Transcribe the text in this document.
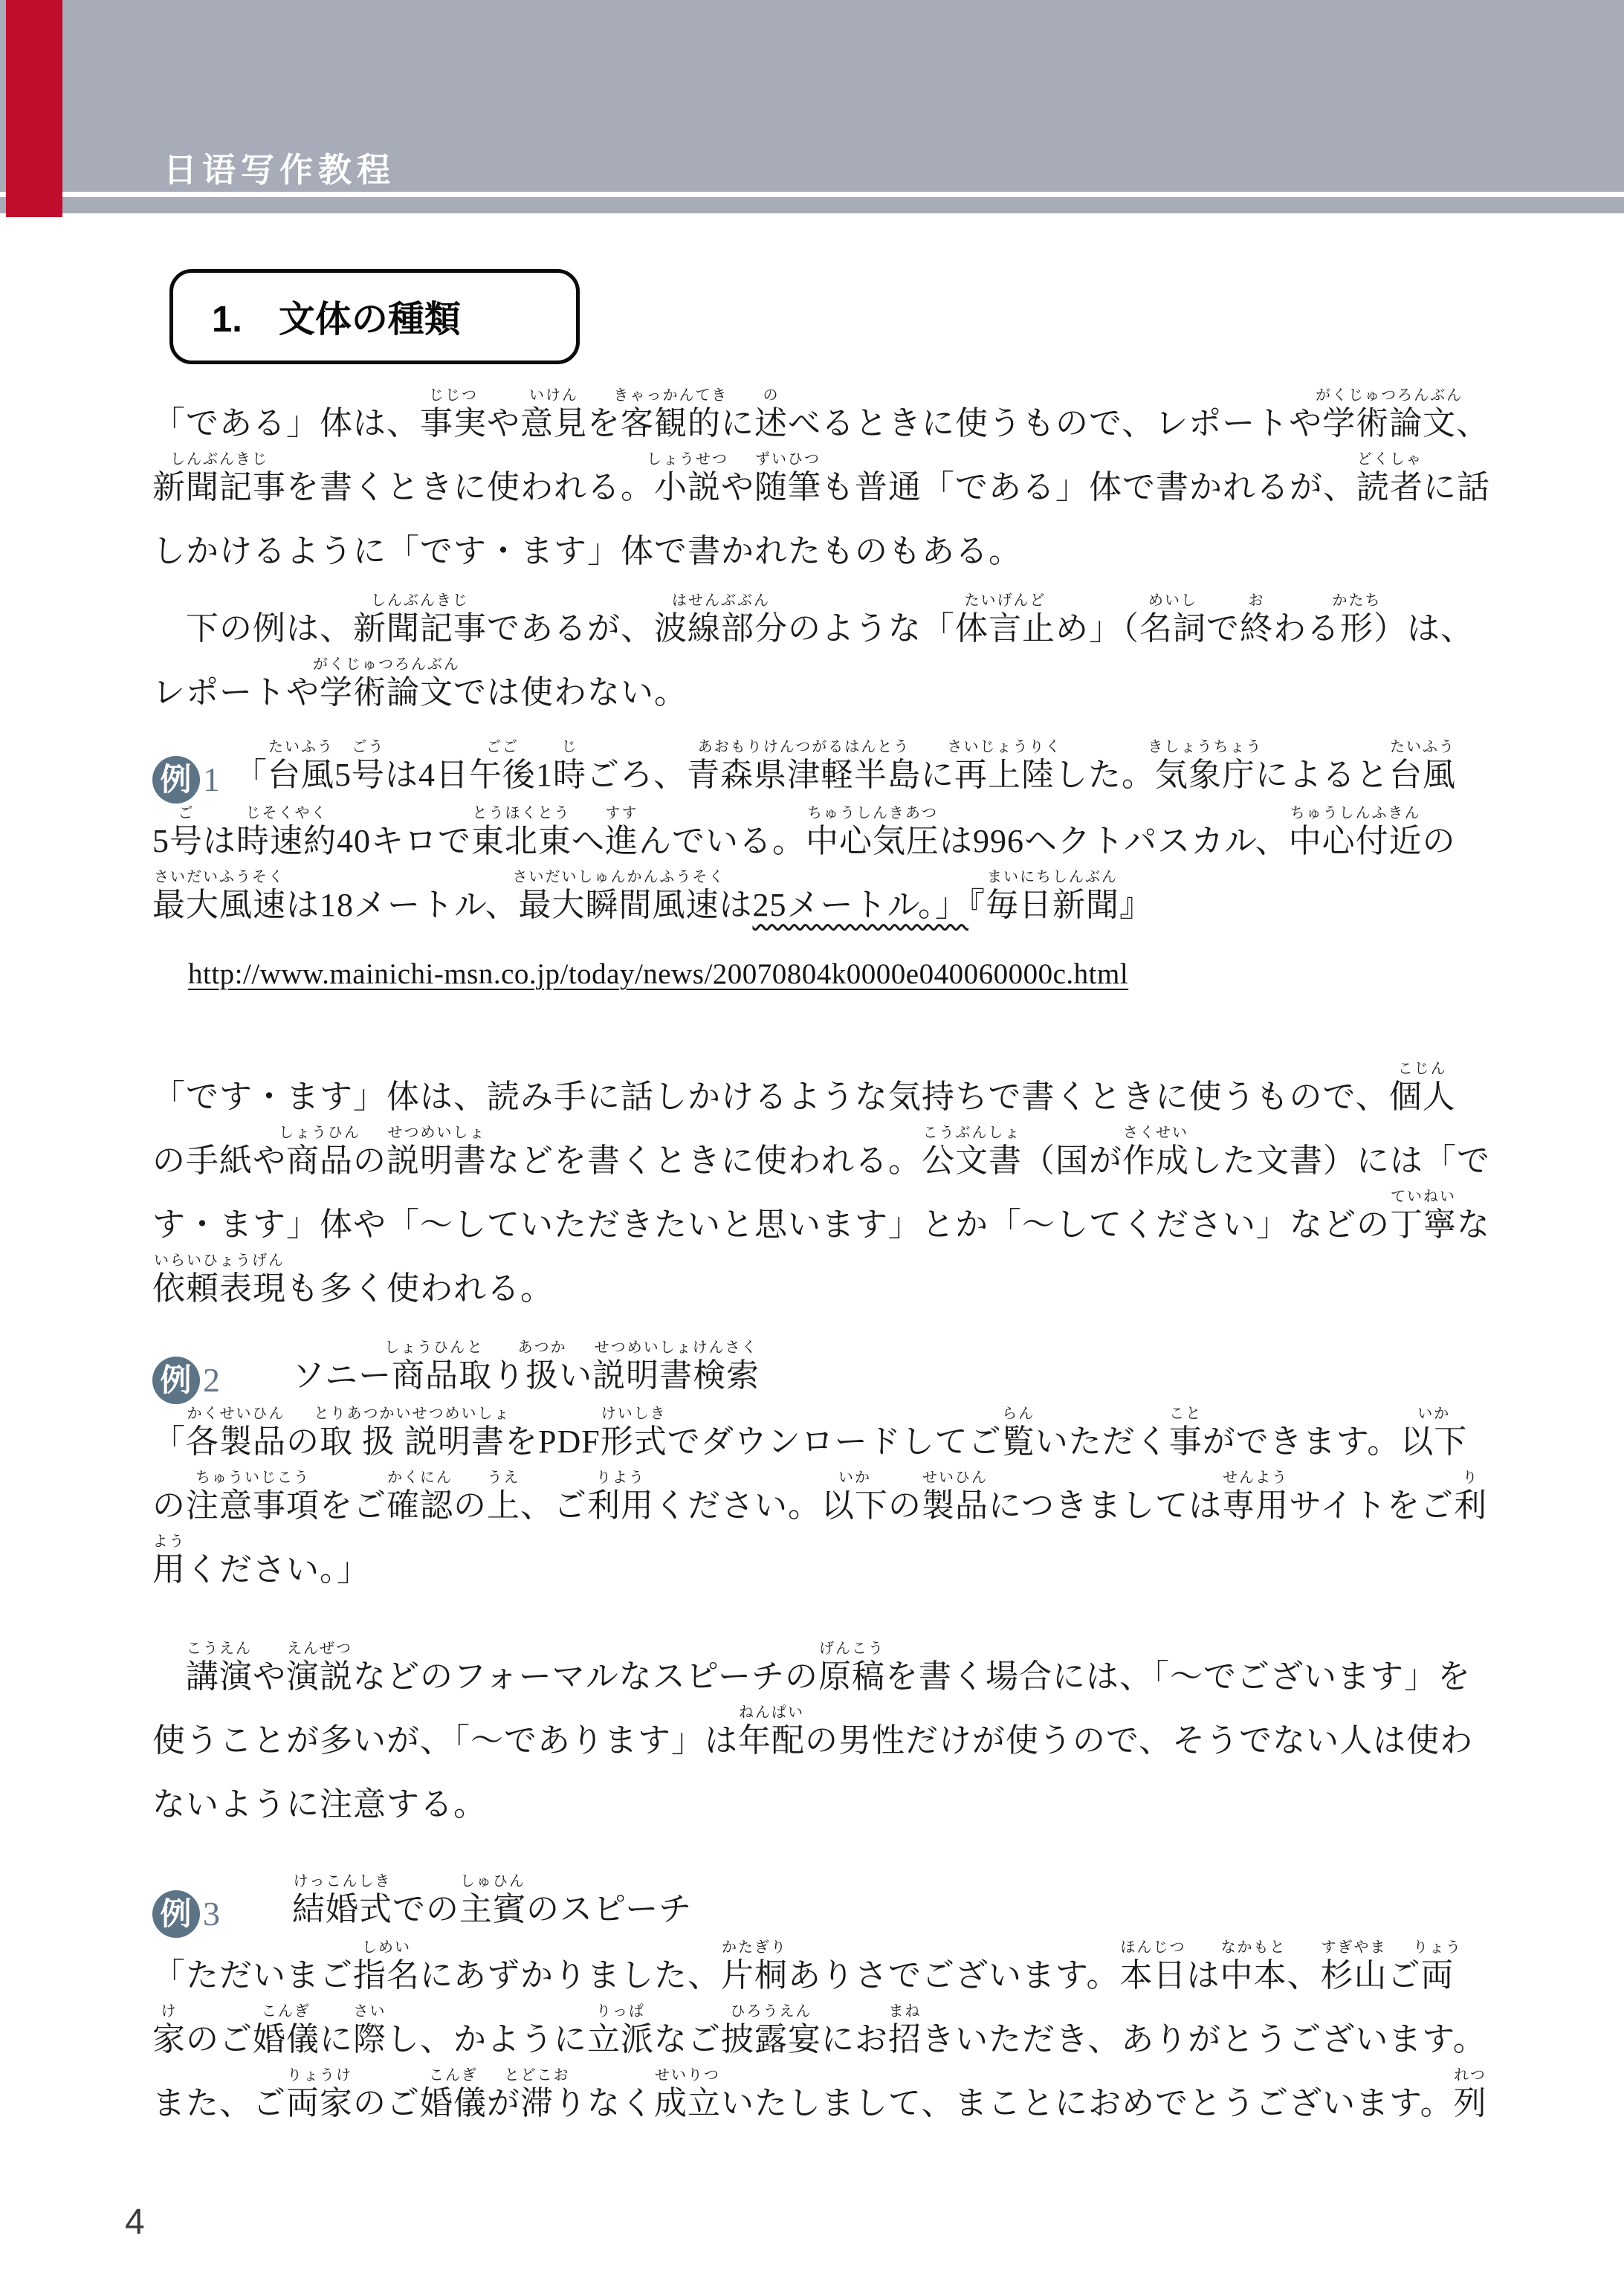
日语写作教程
1.　文体の種類
「である」体は、事実
じじつ
や意見
いけん
を客観的
きゃっかんてき
に述
の
べるときに使うもので、レポートや学術論文
がくじゅつろんぶん
、
新聞記事
しんぶんきじ
を書くときに使われる。小説
しょうせつ
や随筆
ずいひつ
も普通「である」体で書かれるが、読者
どくしゃ
に話
しかけるように「です・ます」体で書かれたものもある。
　下の例は、新聞記事
しんぶんきじ
であるが、波線部分
はせんぶぶん
のような「体言止
たいげんど
め」（名詞
めいし
で終
お
わる形
かたち
）は、
レポートや学術論文
がくじゅつろんぶん
では使わない。
例 1 「台風
たいふう
5号
ごう
は4日午後
ごご
1時
じ
ごろ、青森県津軽半島
あおもりけんつがるはんとう
に再上陸
さいじょうりく
した。気象庁
きしょうちょう
によると台風
たいふう
5号
ご
は時速約
じそくやく
40キロで東北東
とうほくとう
へ進
すす
んでいる。中心気圧
ちゅうしんきあつ
は996ヘクトパスカル、中心付近
ちゅうしんふきん
の
最大風速
さいだいふうそく
は18メートル、最大瞬間風速
さいだいしゅんかんふうそく
は25メートル。」『毎日新聞
まいにちしんぶん
』
http://www.mainichi-msn.co.jp/today/news/20070804k0000e040060000c.html
「です・ます」体は、読み手に話しかけるような気持ちで書くときに使うもので、個人
こじん
の手紙や商品
しょうひん
の説明書
せつめいしょ
などを書くときに使われる。公文書
こうぶんしょ
（国が作成
さくせい
した文書）には「で
す・ます」体や「〜していただきたいと思います」とか「〜してください」などの丁寧
ていねい
な
依頼表現
いらいひょうげん
も多く使われる。
例 2 ソニー商品
しょうひん
取
と
り扱
あつか
い説明書検索
せつめいしょけんさく
「各製品
かくせいひん
の取 扱 説明書
とりあつかいせつめいしょ
をPDF形式
けいしき
でダウンロードしてご覧
らん
いただく事
こと
ができます。以下
いか
の注意事項
ちゅういじこう
をご確認
かくにん
の上
うえ
、ご利用
りよう
ください。以下
いか
の製品
せいひん
につきましては専用
せんよう
サイトをご利
り
用
よう
ください。」
　講演
こうえん
や演説
えんぜつ
などのフォーマルなスピーチの原稿
げんこう
を書く場合には、「〜でございます」を
使うことが多いが、「〜であります」は年配
ねんぱい
の男性だけが使うので、そうでない人は使わ
ないように注意する。
例 3 結婚式
けっこんしき
での主賓
しゅひん
のスピーチ
「ただいまご指名
しめい
にあずかりました、片桐
かたぎり
ありさでございます。本日
ほんじつ
は中本
なかもと
、杉山
すぎやま
ご両
りょう
家
け
のご婚儀
こんぎ
に際
さい
し、かように立派
りっぱ
なご披露宴
ひろうえん
にお招
まね
きいただき、ありがとうございます。
また、ご両家
りょうけ
のご婚儀
こんぎ
が滞
とどこお
りなく成立
せいりつ
いたしまして、まことにおめでとうございます。列
れつ
4
